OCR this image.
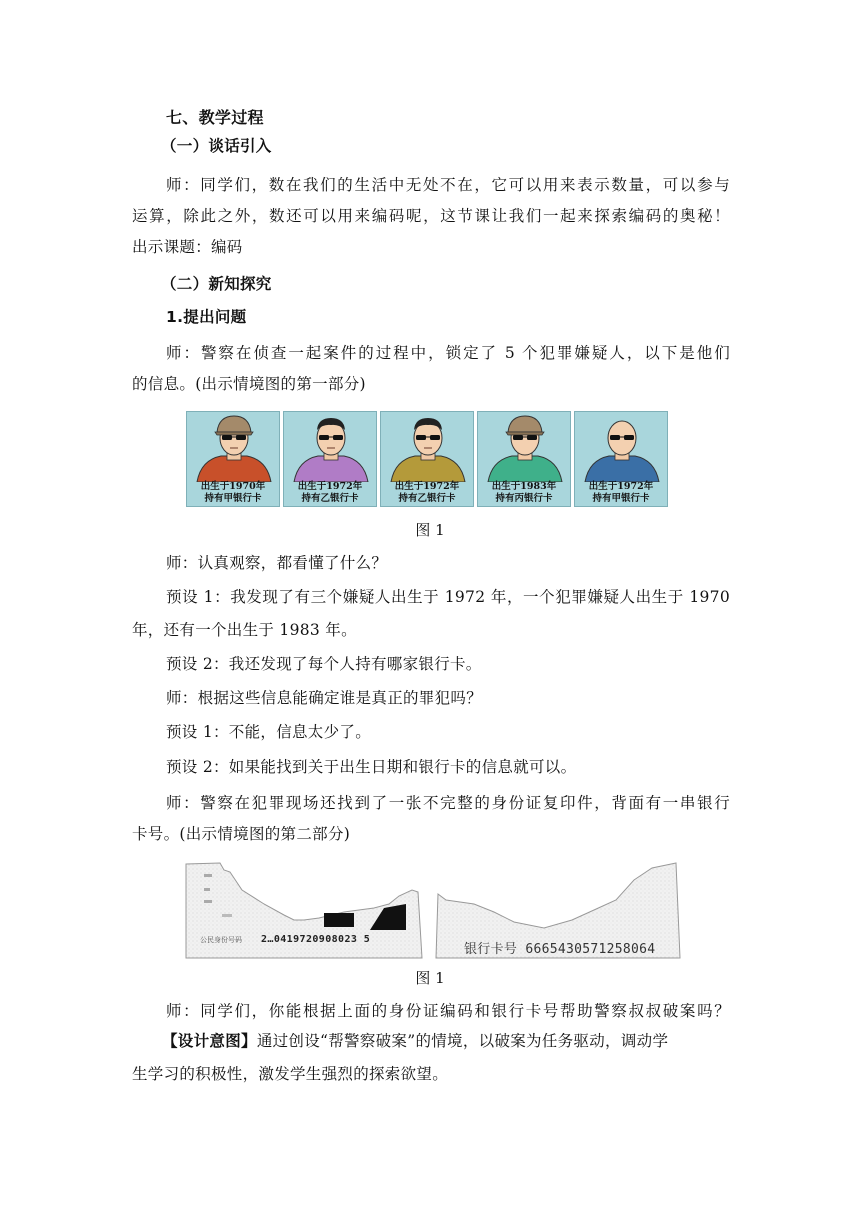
七、教学过程
（一）谈话引入
师：同学们，数在我们的生活中无处不在，它可以用来表示数量，可以参与
运算，除此之外，数还可以用来编码呢，这节课让我们一起来探索编码的奥秘！
出示课题：编码
（二）新知探究
1.提出问题
师：警察在侦查一起案件的过程中，锁定了 5 个犯罪嫌疑人，以下是他们
的信息。(出示情境图的第一部分)
出生于1970年
持有甲银行卡
出生于1972年
持有乙银行卡
出生于1972年
持有乙银行卡
出生于1983年
持有丙银行卡
出生于1972年
持有甲银行卡
图 1
师：认真观察，都看懂了什么？
预设 1：我发现了有三个嫌疑人出生于 1972 年，一个犯罪嫌疑人出生于 1970
年，还有一个出生于 1983 年。
预设 2：我还发现了每个人持有哪家银行卡。
师：根据这些信息能确定谁是真正的罪犯吗？
预设 1：不能，信息太少了。
预设 2：如果能找到关于出生日期和银行卡的信息就可以。
师：警察在犯罪现场还找到了一张不完整的身份证复印件，背面有一串银行
卡号。(出示情境图的第二部分)
公民身份号码 2…0419720908023 5
银行卡号 6665430571258064
图 1
师：同学们，你能根据上面的身份证编码和银行卡号帮助警察叔叔破案吗？
【设计意图】通过创设“帮警察破案”的情境，以破案为任务驱动，调动学
生学习的积极性，激发学生强烈的探索欲望。
